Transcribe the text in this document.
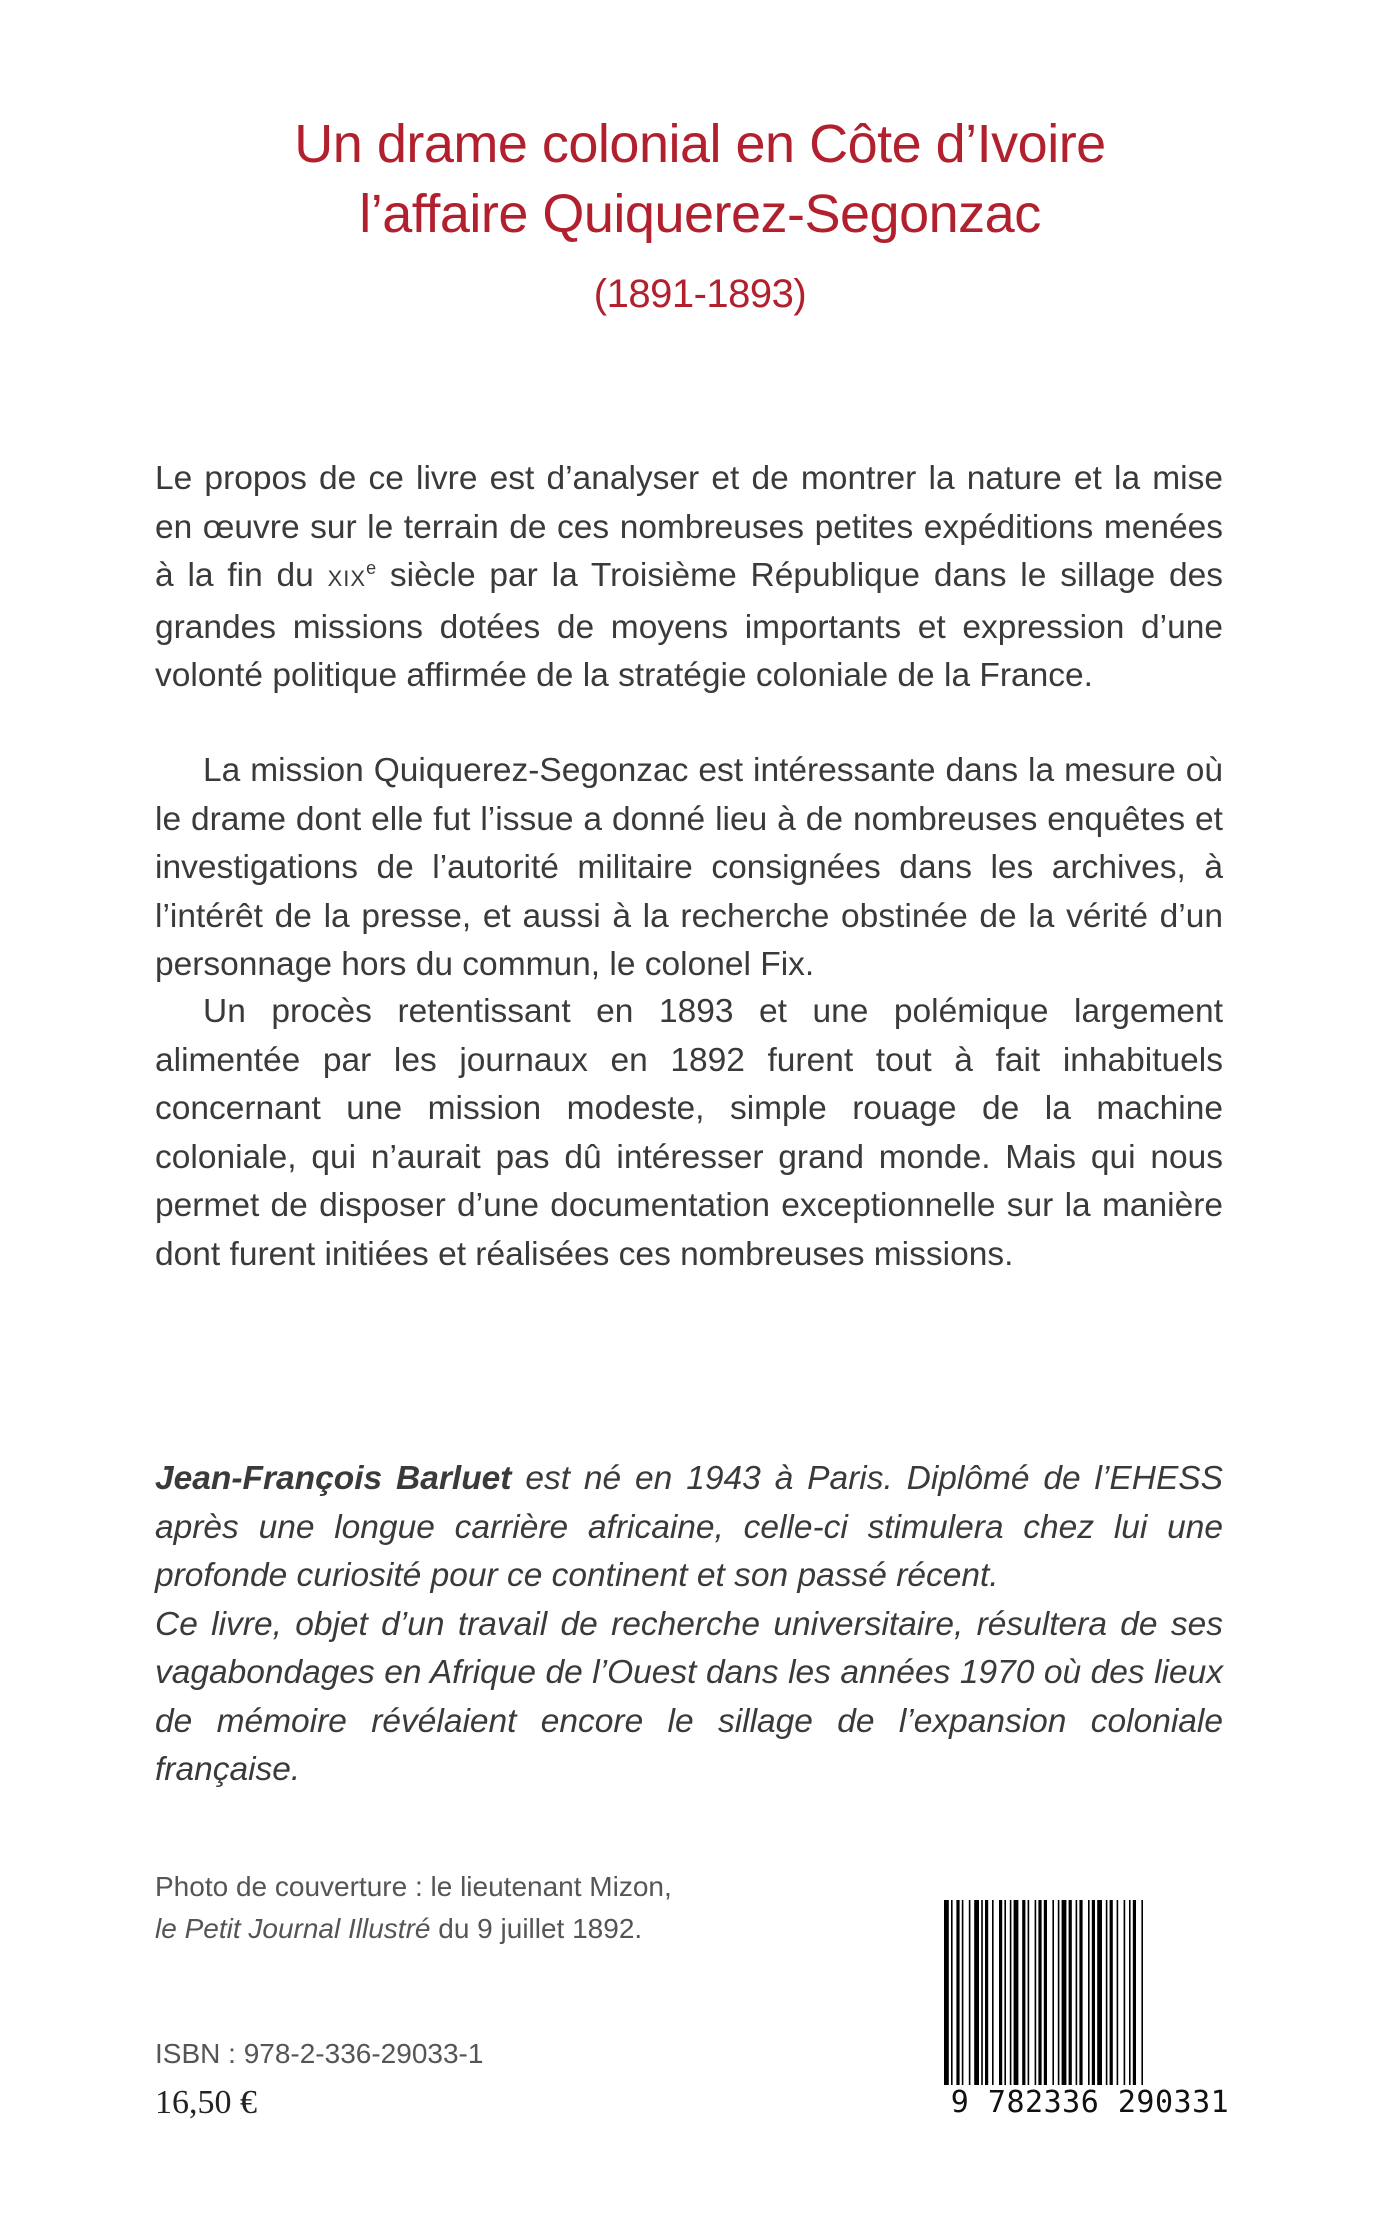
Un drame colonial en Côte d’Ivoire
l’affaire Quiquerez-Segonzac
(1891-1893)

Le propos de ce livre est d’analyser et de montrer la nature et la mise en œuvre sur le terrain de ces nombreuses petites expéditions menées à la fin du XIXe siècle par la Troisième République dans le sillage des grandes missions dotées de moyens importants et expression d’une volonté politique affirmée de la stratégie coloniale de la France.

La mission Quiquerez-Segonzac est intéressante dans la mesure où le drame dont elle fut l’issue a donné lieu à de nombreuses enquêtes et investigations de l’autorité militaire consignées dans les archives, à l’intérêt de la presse, et aussi à la recherche obstinée de la vérité d’un personnage hors du commun, le colonel Fix.

Un procès retentissant en 1893 et une polémique largement alimentée par les journaux en 1892 furent tout à fait inhabituels concernant une mission modeste, simple rouage de la machine coloniale, qui n’aurait pas dû intéresser grand monde. Mais qui nous permet de disposer d’une documentation exceptionnelle sur la manière dont furent initiées et réalisées ces nombreuses missions.

Jean-François Barluet est né en 1943 à Paris. Diplômé de l’EHESS après une longue carrière africaine, celle-ci stimulera chez lui une profonde curiosité pour ce continent et son passé récent.

Ce livre, objet d’un travail de recherche universitaire, résultera de ses vagabondages en Afrique de l’Ouest dans les années 1970 où des lieux de mémoire révélaient encore le sillage de l’expansion coloniale française.

Photo de couverture : le lieutenant Mizon,
le Petit Journal Illustré du 9 juillet 1892.
ISBN : 978-2-336-29033-1
16,50 €	9 782336 290331
